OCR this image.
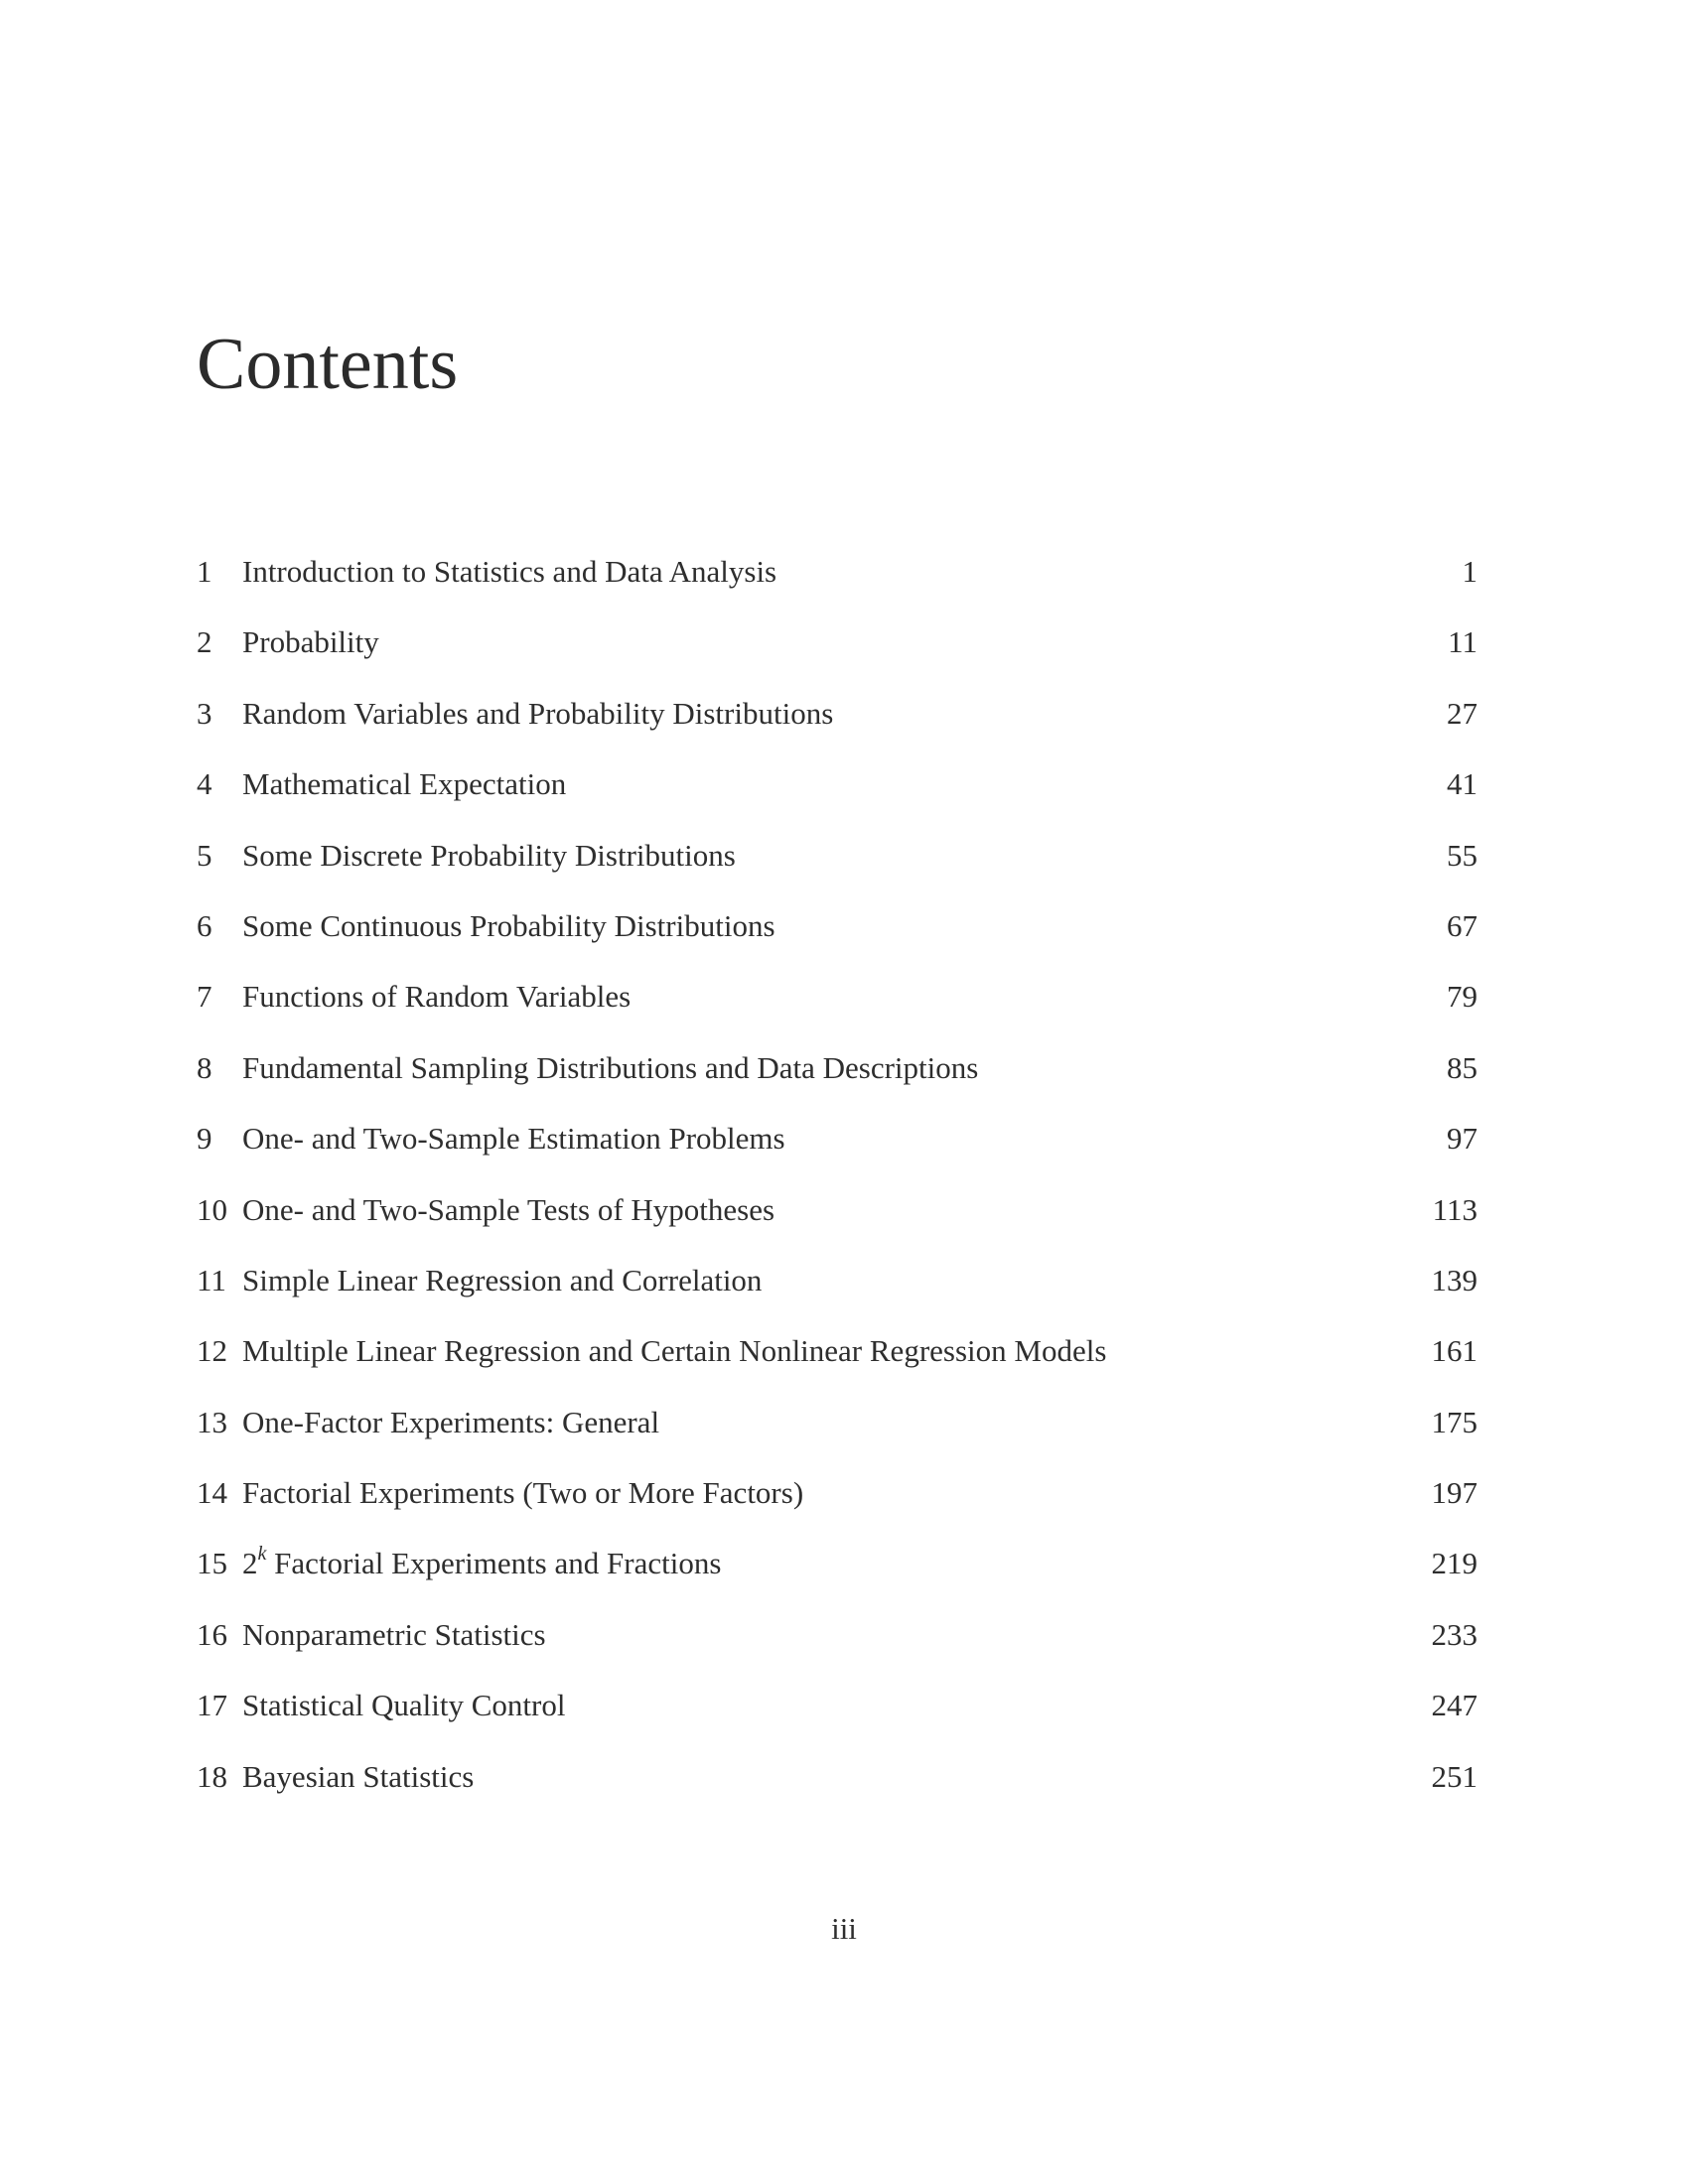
Contents
1 Introduction to Statistics and Data Analysis	1
2 Probability	11
3 Random Variables and Probability Distributions	27
4 Mathematical Expectation	41
5 Some Discrete Probability Distributions	55
6 Some Continuous Probability Distributions	67
7 Functions of Random Variables	79
8 Fundamental Sampling Distributions and Data Descriptions	85
9 One- and Two-Sample Estimation Problems	97
10 One- and Two-Sample Tests of Hypotheses	113
11 Simple Linear Regression and Correlation	139
12 Multiple Linear Regression and Certain Nonlinear Regression Models	161
13 One-Factor Experiments: General	175
14 Factorial Experiments (Two or More Factors)	197
15 2$^k$ Factorial Experiments and Fractions	219
16 Nonparametric Statistics	233
17 Statistical Quality Control	247
18 Bayesian Statistics	251
iii
